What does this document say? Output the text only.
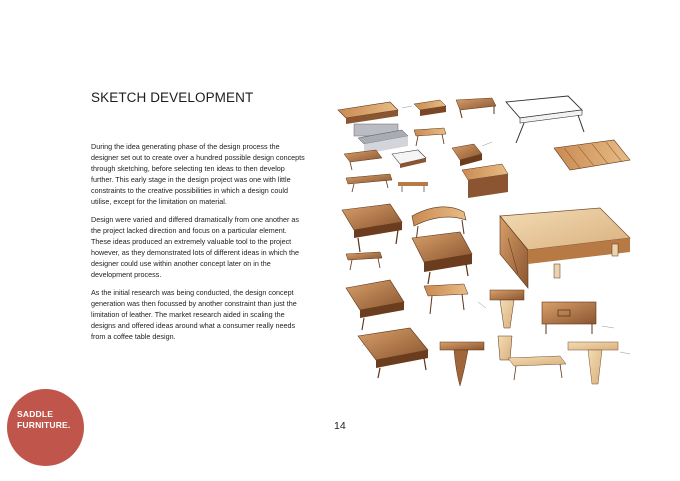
SKETCH DEVELOPMENT

During the idea generating phase of the design process the designer set out to create over a hundred possible design concepts through sketching, before selecting ten ideas to then develop further. This early stage in the design project was one with little constraints to the creative possibilities in which a design could utilise, except for the limitation on material.

Design were varied and differed dramatically from one another as the project lacked direction and focus on a particular element. These ideas produced an extremely valuable tool to the project however, as they demonstrated lots of different ideas in which the designer could use within another concept later on in the development process.

As the initial research was being conducted, the design concept generation was then focussed by another constraint than just the limitation of leather. The market research aided in scaling the designs and offered ideas around what a consumer really needs from a coffee table design.

14
SADDLE
FURNITURE.
